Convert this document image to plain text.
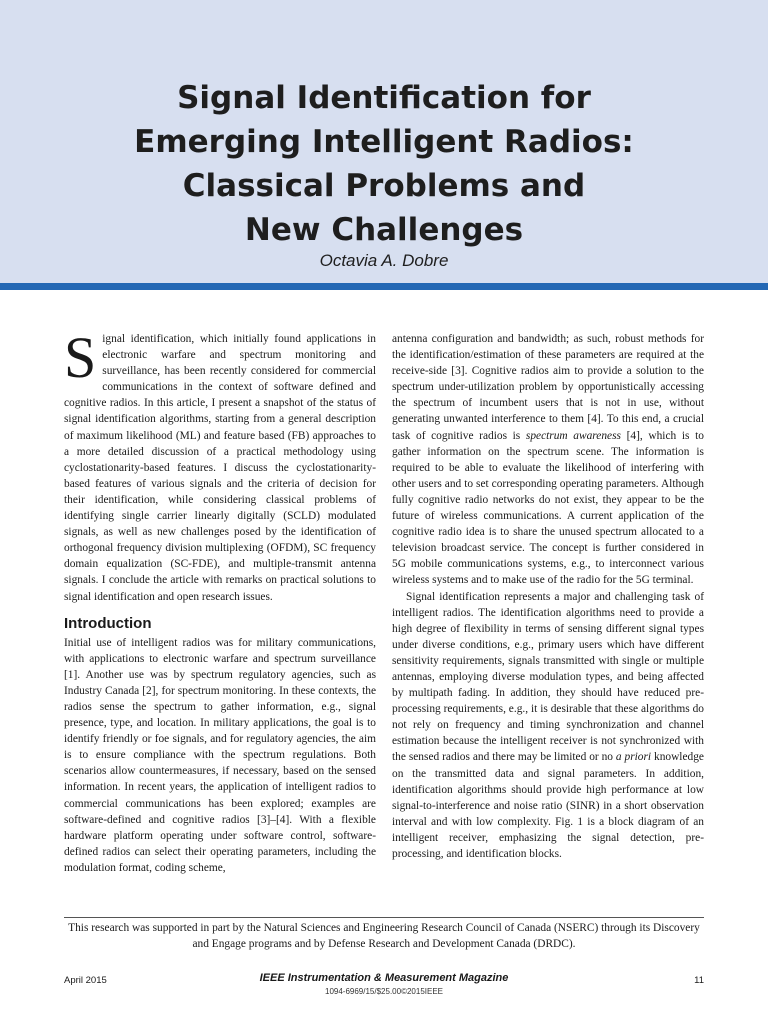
Signal Identification for
Emerging Intelligent Radios:
Classical Problems and
New Challenges
Octavia A. Dobre

Signal identification, which initially found applications in electronic warfare and spectrum monitoring and surveillance, has been recently considered for commercial communications in the context of software defined and cognitive radios. In this article, I present a snapshot of the status of signal identification algorithms, starting from a general description of maximum likelihood (ML) and feature based (FB) approaches to a more detailed discussion of a practical methodology using cyclostationarity-based features. I discuss the cyclostationarity-based features of various signals and the criteria of decision for their identification, while considering classical problems of identifying single carrier linearly digitally (SCLD) modulated signals, as well as new challenges posed by the identification of orthogonal frequency division multiplexing (OFDM), SC frequency domain equalization (SC-FDE), and multiple-transmit antenna signals. I conclude the article with remarks on practical solutions to signal identification and open research issues.

Introduction

Initial use of intelligent radios was for military communications, with applications to electronic warfare and spectrum surveillance [1]. Another use was by spectrum regulatory agencies, such as Industry Canada [2], for spectrum monitoring. In these contexts, the radios sense the spectrum to gather information, e.g., signal presence, type, and location. In military applications, the goal is to identify friendly or foe signals, and for regulatory agencies, the aim is to ensure compliance with the spectrum regulations. Both scenarios allow countermeasures, if necessary, based on the sensed information. In recent years, the application of intelligent radios to commercial communications has been explored; examples are software-defined and cognitive radios [3]–[4]. With a flexible hardware platform operating under software control, software-defined radios can select their operating parameters, including the modulation format, coding scheme,

antenna configuration and bandwidth; as such, robust methods for the identification/estimation of these parameters are required at the receive-side [3]. Cognitive radios aim to provide a solution to the spectrum under-utilization problem by opportunistically accessing the spectrum of incumbent users that is not in use, without generating unwanted interference to them [4]. To this end, a crucial task of cognitive radios is spectrum awareness [4], which is to gather information on the spectrum scene. The information is required to be able to evaluate the likelihood of interfering with other users and to set corresponding operating parameters. Although fully cognitive radio networks do not exist, they appear to be the future of wireless communications. A current application of the cognitive radio idea is to share the unused spectrum allocated to a television broadcast service. The concept is further considered in 5G mobile communications systems, e.g., to interconnect various wireless systems and to make use of the radio for the 5G terminal.

Signal identification represents a major and challenging task of intelligent radios. The identification algorithms need to provide a high degree of flexibility in terms of sensing different signal types under diverse conditions, e.g., primary users which have different sensitivity requirements, signals transmitted with single or multiple antennas, employing diverse modulation types, and being affected by multipath fading. In addition, they should have reduced pre-processing requirements, e.g., it is desirable that these algorithms do not rely on frequency and timing synchronization and channel estimation because the intelligent receiver is not synchronized with the sensed radios and there may be limited or no a priori knowledge on the transmitted data and signal parameters. In addition, identification algorithms should provide high performance at low signal-to-interference and noise ratio (SINR) in a short observation interval and with low complexity. Fig. 1 is a block diagram of an intelligent receiver, emphasizing the signal detection, pre-processing, and identification blocks.

This research was supported in part by the Natural Sciences and Engineering Research Council of Canada (NSERC) through its Discovery and Engage programs and by Defense Research and Development Canada (DRDC).
April 2015	IEEE Instrumentation & Measurement Magazine
1094-6969/15/$25.00©2015IEEE
11
